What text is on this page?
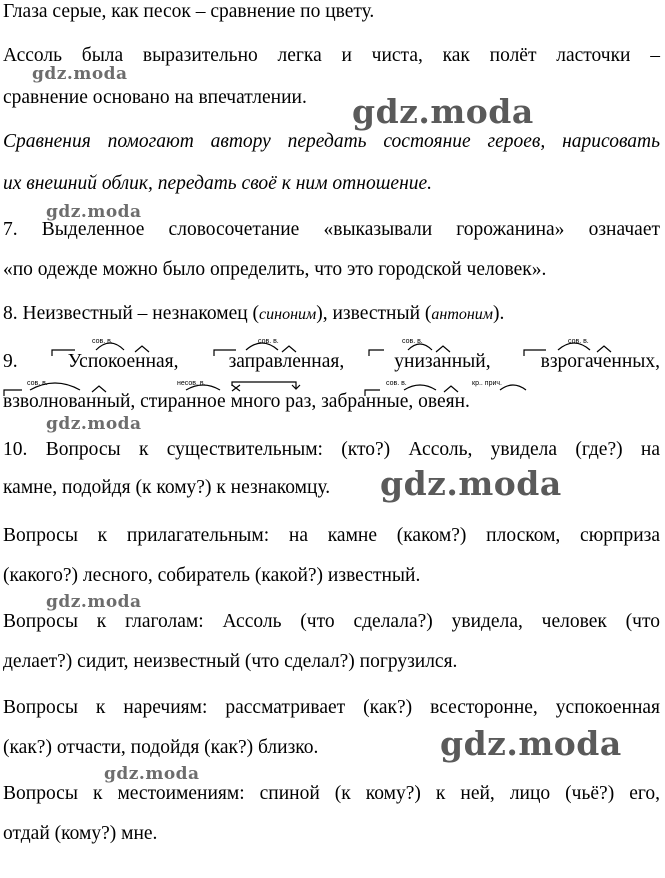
Глаза серые, как песок – сравнение по цвету.
Ассоль была выразительно легка и чиста, как полёт ласточки –
сравнение основано на впечатлении.
Сравнения помогают автору передать состояние героев, нарисовать
их внешний облик, передать своё к ним отношение.
7. Выделенное словосочетание «выказывали горожанина» означает
«по одежде можно было определить, что это городской человек».
8. Неизвестный – незнакомец (синоним), известный (антоним).
9. Успокоенная, заправленная, унизанный, взрогаченных,
взволнованный, стиранное много раз, забранные, овеян.
10. Вопросы к существительным: (кто?) Ассоль, увидела (где?) на
камне, подойдя (к кому?) к незнакомцу.
Вопросы к прилагательным: на камне (каком?) плоском, сюрприза
(какого?) лесного, собиратель (какой?) известный.
Вопросы к глаголам: Ассоль (что сделала?) увидела, человек (что
делает?) сидит, неизвестный (что сделал?) погрузился.
Вопросы к наречиям: рассматривает (как?) всесторонне, успокоенная
(как?) отчасти, подойдя (как?) близко.
Вопросы к местоимениям: спиной (к кому?) к ней, лицо (чьё?) его,
отдай (кому?) мне.
сов. в.	сов. в.	сов. в.	сов. в.
сов. в.	несов. в.	сов. в.	кр.. прич.
gdz.moda
gdz.moda
gdz.moda
gdz.moda
gdz.moda
gdz.moda
gdz.moda
gdz.moda
